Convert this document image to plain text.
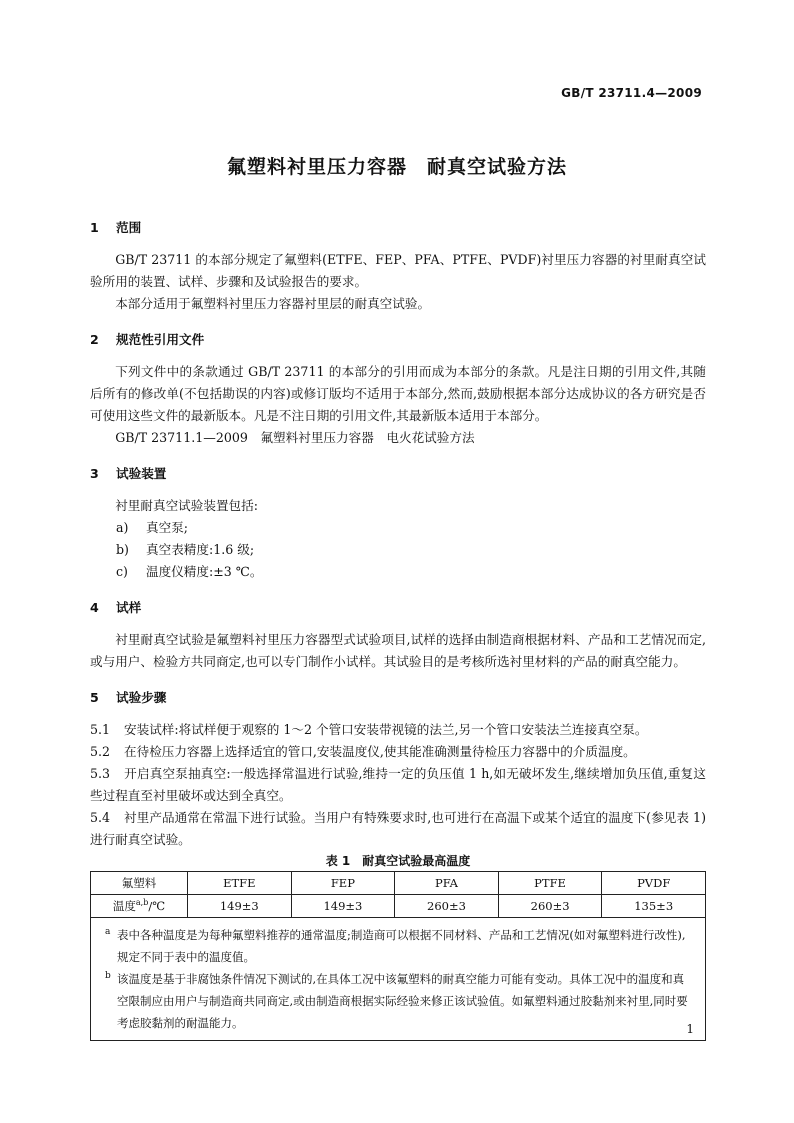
GB/T 23711.4—2009
氟塑料衬里压力容器　耐真空试验方法
1 范围

GB/T 23711 的本部分规定了氟塑料(ETFE、FEP、PFA、PTFE、PVDF)衬里压力容器的衬里耐真空试验所用的装置、试样、步骤和及试验报告的要求。

本部分适用于氟塑料衬里压力容器衬里层的耐真空试验。

2 规范性引用文件

下列文件中的条款通过 GB/T 23711 的本部分的引用而成为本部分的条款。凡是注日期的引用文件,其随后所有的修改单(不包括勘误的内容)或修订版均不适用于本部分,然而,鼓励根据本部分达成协议的各方研究是否可使用这些文件的最新版本。凡是不注日期的引用文件,其最新版本适用于本部分。

GB/T 23711.1—2009　氟塑料衬里压力容器　电火花试验方法

3 试验装置

衬里耐真空试验装置包括:

a) 真空泵;

b) 真空表精度:1.6 级;

c) 温度仪精度:±3 ℃。

4 试样

衬里耐真空试验是氟塑料衬里压力容器型式试验项目,试样的选择由制造商根据材料、产品和工艺情况而定,或与用户、检验方共同商定,也可以专门制作小试样。其试验目的是考核所选衬里材料的产品的耐真空能力。

5 试验步骤

5.1 安装试样:将试样便于观察的 1～2 个管口安装带视镜的法兰,另一个管口安装法兰连接真空泵。

5.2 在待检压力容器上选择适宜的管口,安装温度仪,使其能准确测量待检压力容器中的介质温度。

5.3 开启真空泵抽真空:一般选择常温进行试验,维持一定的负压值 1 h,如无破坏发生,继续增加负压值,重复这些过程直至衬里破坏或达到全真空。

5.4 衬里产品通常在常温下进行试验。当用户有特殊要求时,也可进行在高温下或某个适宜的温度下(参见表 1)进行耐真空试验。

表 1　耐真空试验最高温度

氟塑料	ETFE	FEP	PFA	PTFE	PVDF
温度$^{a,b}$/℃	149±3	149±3	260±3	260±3	135±3

a 表中各种温度是为每种氟塑料推荐的通常温度;制造商可以根据不同材料、产品和工艺情况(如对氟塑料进行改性),规定不同于表中的温度值。

b 该温度是基于非腐蚀条件情况下测试的,在具体工况中该氟塑料的耐真空能力可能有变动。具体工况中的温度和真空限制应由用户与制造商共同商定,或由制造商根据实际经验来修正该试验值。如氟塑料通过胶黏剂来衬里,同时要考虑胶黏剂的耐温能力。						1
